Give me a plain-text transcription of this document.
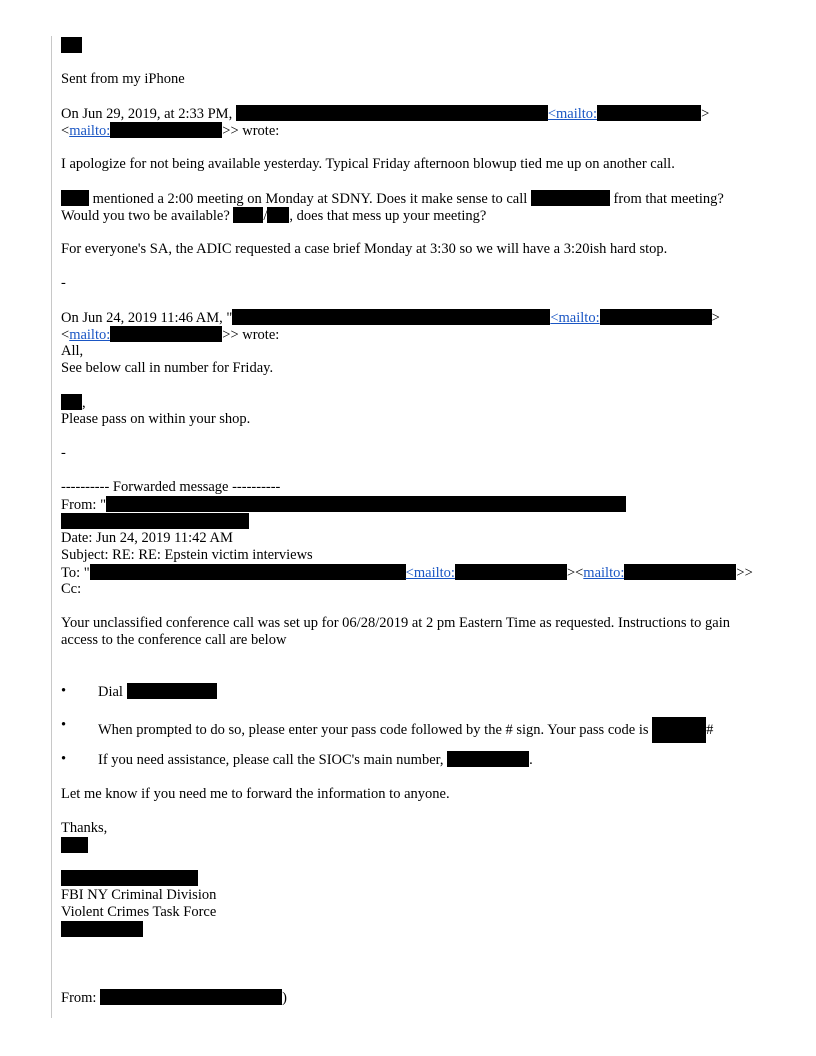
Sent from my iPhone
On Jun 29, 2019, at 2:33 PM,	<mailto:	>
<mailto:	>> wrote:
I apologize for not being available yesterday. Typical Friday afternoon blowup tied me up on another call.
mentioned a 2:00 meeting on Monday at SDNY. Does it make sense to call	from that meeting?
Would you two be available? / , does that mess up your meeting?
For everyone's SA, the ADIC requested a case brief Monday at 3:30 so we will have a 3:20ish hard stop.
-
On Jun 24, 2019 11:46 AM, "	<mailto:	>
<mailto:	>> wrote:
All,
See below call in number for Friday.
,
Please pass on within your shop.
-
---------- Forwarded message ----------
From: "
Date: Jun 24, 2019 11:42 AM
Subject: RE: RE: Epstein victim interviews
To: "	<mailto:	><mailto:	>>
Cc:
Your unclassified conference call was set up for 06/28/2019 at 2 pm Eastern Time as requested. Instructions to gain
access to the conference call are below
• Dial
• When prompted to do so, please enter your pass code followed by the # sign. Your pass code is	#
• If you need assistance, please call the SIOC's main number,	.
Let me know if you need me to forward the information to anyone.
Thanks,
FBI NY Criminal Division
Violent Crimes Task Force
From:	)
